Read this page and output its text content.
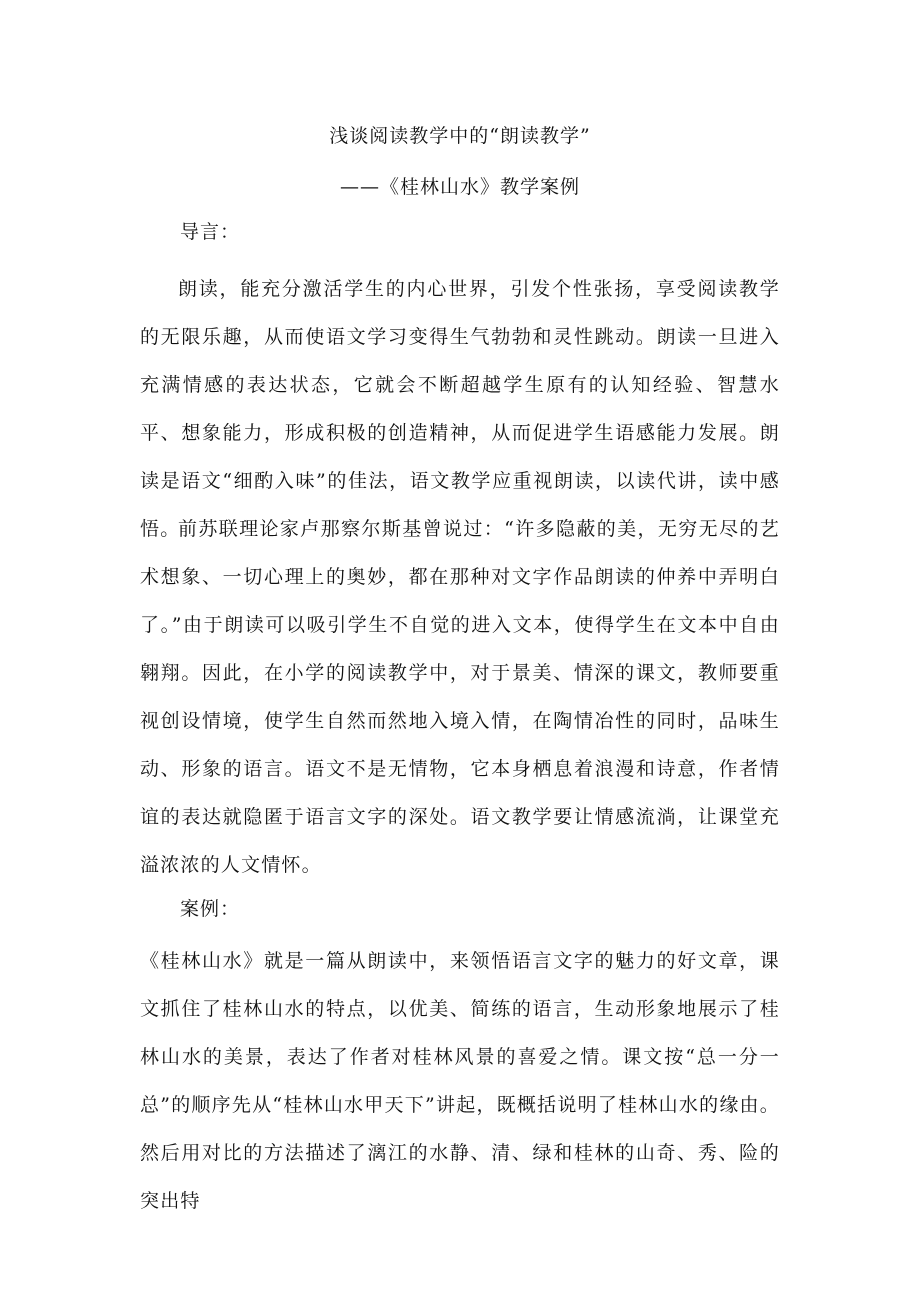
浅谈阅读教学中的“朗读教学”
——《桂林山水》教学案例
导言：

朗读，能充分激活学生的内心世界，引发个性张扬，享受阅读教学的无限乐趣，从而使语文学习变得生气勃勃和灵性跳动。朗读一旦进入充满情感的表达状态，它就会不断超越学生原有的认知经验、智慧水平、想象能力，形成积极的创造精神，从而促进学生语感能力发展。朗读是语文“细酌入味”的佳法，语文教学应重视朗读，以读代讲，读中感悟。

前苏联理论家卢那察尔斯基曾说过：“许多隐蔽的美，无穷无尽的艺术想象、一切心理上的奥妙，都在那种对文字作品朗读的仲养中弄明白了。”由于朗读可以吸引学生不自觉的进入文本，使得学生在文本中自由翱翔。因此，在小学的阅读教学中，对于景美、情深的课文，教师要重视创设情境，使学生自然而然地入境入情，在陶情冶性的同时，品味生动、形象的语言。语文不是无情物，它本身栖息着浪漫和诗意，作者情谊的表达就隐匿于语言文字的深处。语文教学要让情感流淌，让课堂充溢浓浓的人文情怀。

案例：

《桂林山水》就是一篇从朗读中，来领悟语言文字的魅力的好文章，课文抓住了桂林山水的特点，以优美、简练的语言，生动形象地展示了桂林山水的美景，表达了作者对桂林风景的喜爱之情。课文按“总一分一总”的顺序先从“桂林山水甲天下”讲起，既概括说明了桂林山水的缘由。然后用对比的方法描述了漓江的水静、清、绿和桂林的山奇、秀、险的突出特
